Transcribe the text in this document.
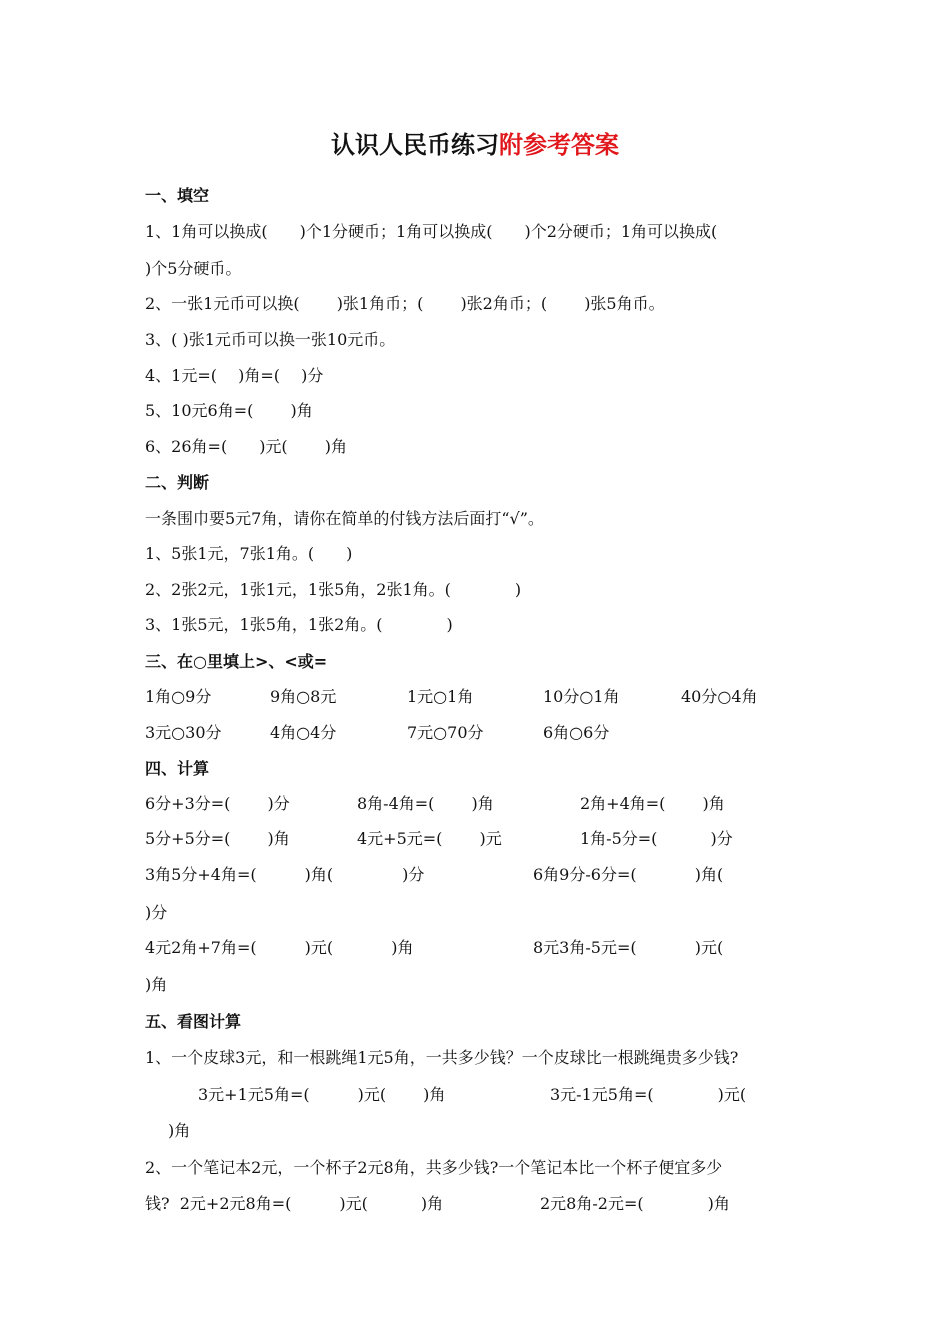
认识人民币练习附参考答案
一、填空
1、1角可以换成(　　)个1分硬币；1角可以换成(　　)个2分硬币；1角可以换成(
)个5分硬币。
2、一张1元币可以换(　　 )张1角币；(　　 )张2角币；(　　 )张5角币。
3、( )张1元币可以换一张10元币。
4、1元=(　 )角=(　 )分
5、10元6角=(　　 )角
6、26角=(　　)元(　　 )角
二、判断
一条围巾要5元7角，请你在简单的付钱方法后面打“√”。
1、5张1元，7张1角。(　　)
2、2张2元，1张1元，1张5角，2张1角。(　　　　)
3、1张5元，1张5角，1张2角。(　　　　)
三、在○里填上>、<或=
1角○9分	9角○8元	1元○1角	10分○1角	40分○4角
3元○30分	4角○4分	7元○70分	6角○6分
四、计算
6分+3分=(　　 )分	8角-4角=(　　 )角	2角+4角=(　　 )角
5分+5分=(　　 )角	4元+5元=(　　 )元	1角-5分=(　　 　)分
3角5分+4角=(　　　)角(　　　 　)分	6角9分-6分=(　　 　 )角(
)分
4元2角+7角=(　　　)元(　　 　 )角	8元3角-5元=(　　 　 )元(
)角
五、看图计算
1、一个皮球3元，和一根跳绳1元5角，一共多少钱？一个皮球比一根跳绳贵多少钱?
3元+1元5角=(　　　)元(　　 )角	3元-1元5角=(　　　　)元(
)角
2、一个笔记本2元，一个杯子2元8角，共多少钱?一个笔记本比一个杯子便宜多少
钱?  2元+2元8角=(　　　)元(　　　 )角	2元8角-2元=(　　　　)角
